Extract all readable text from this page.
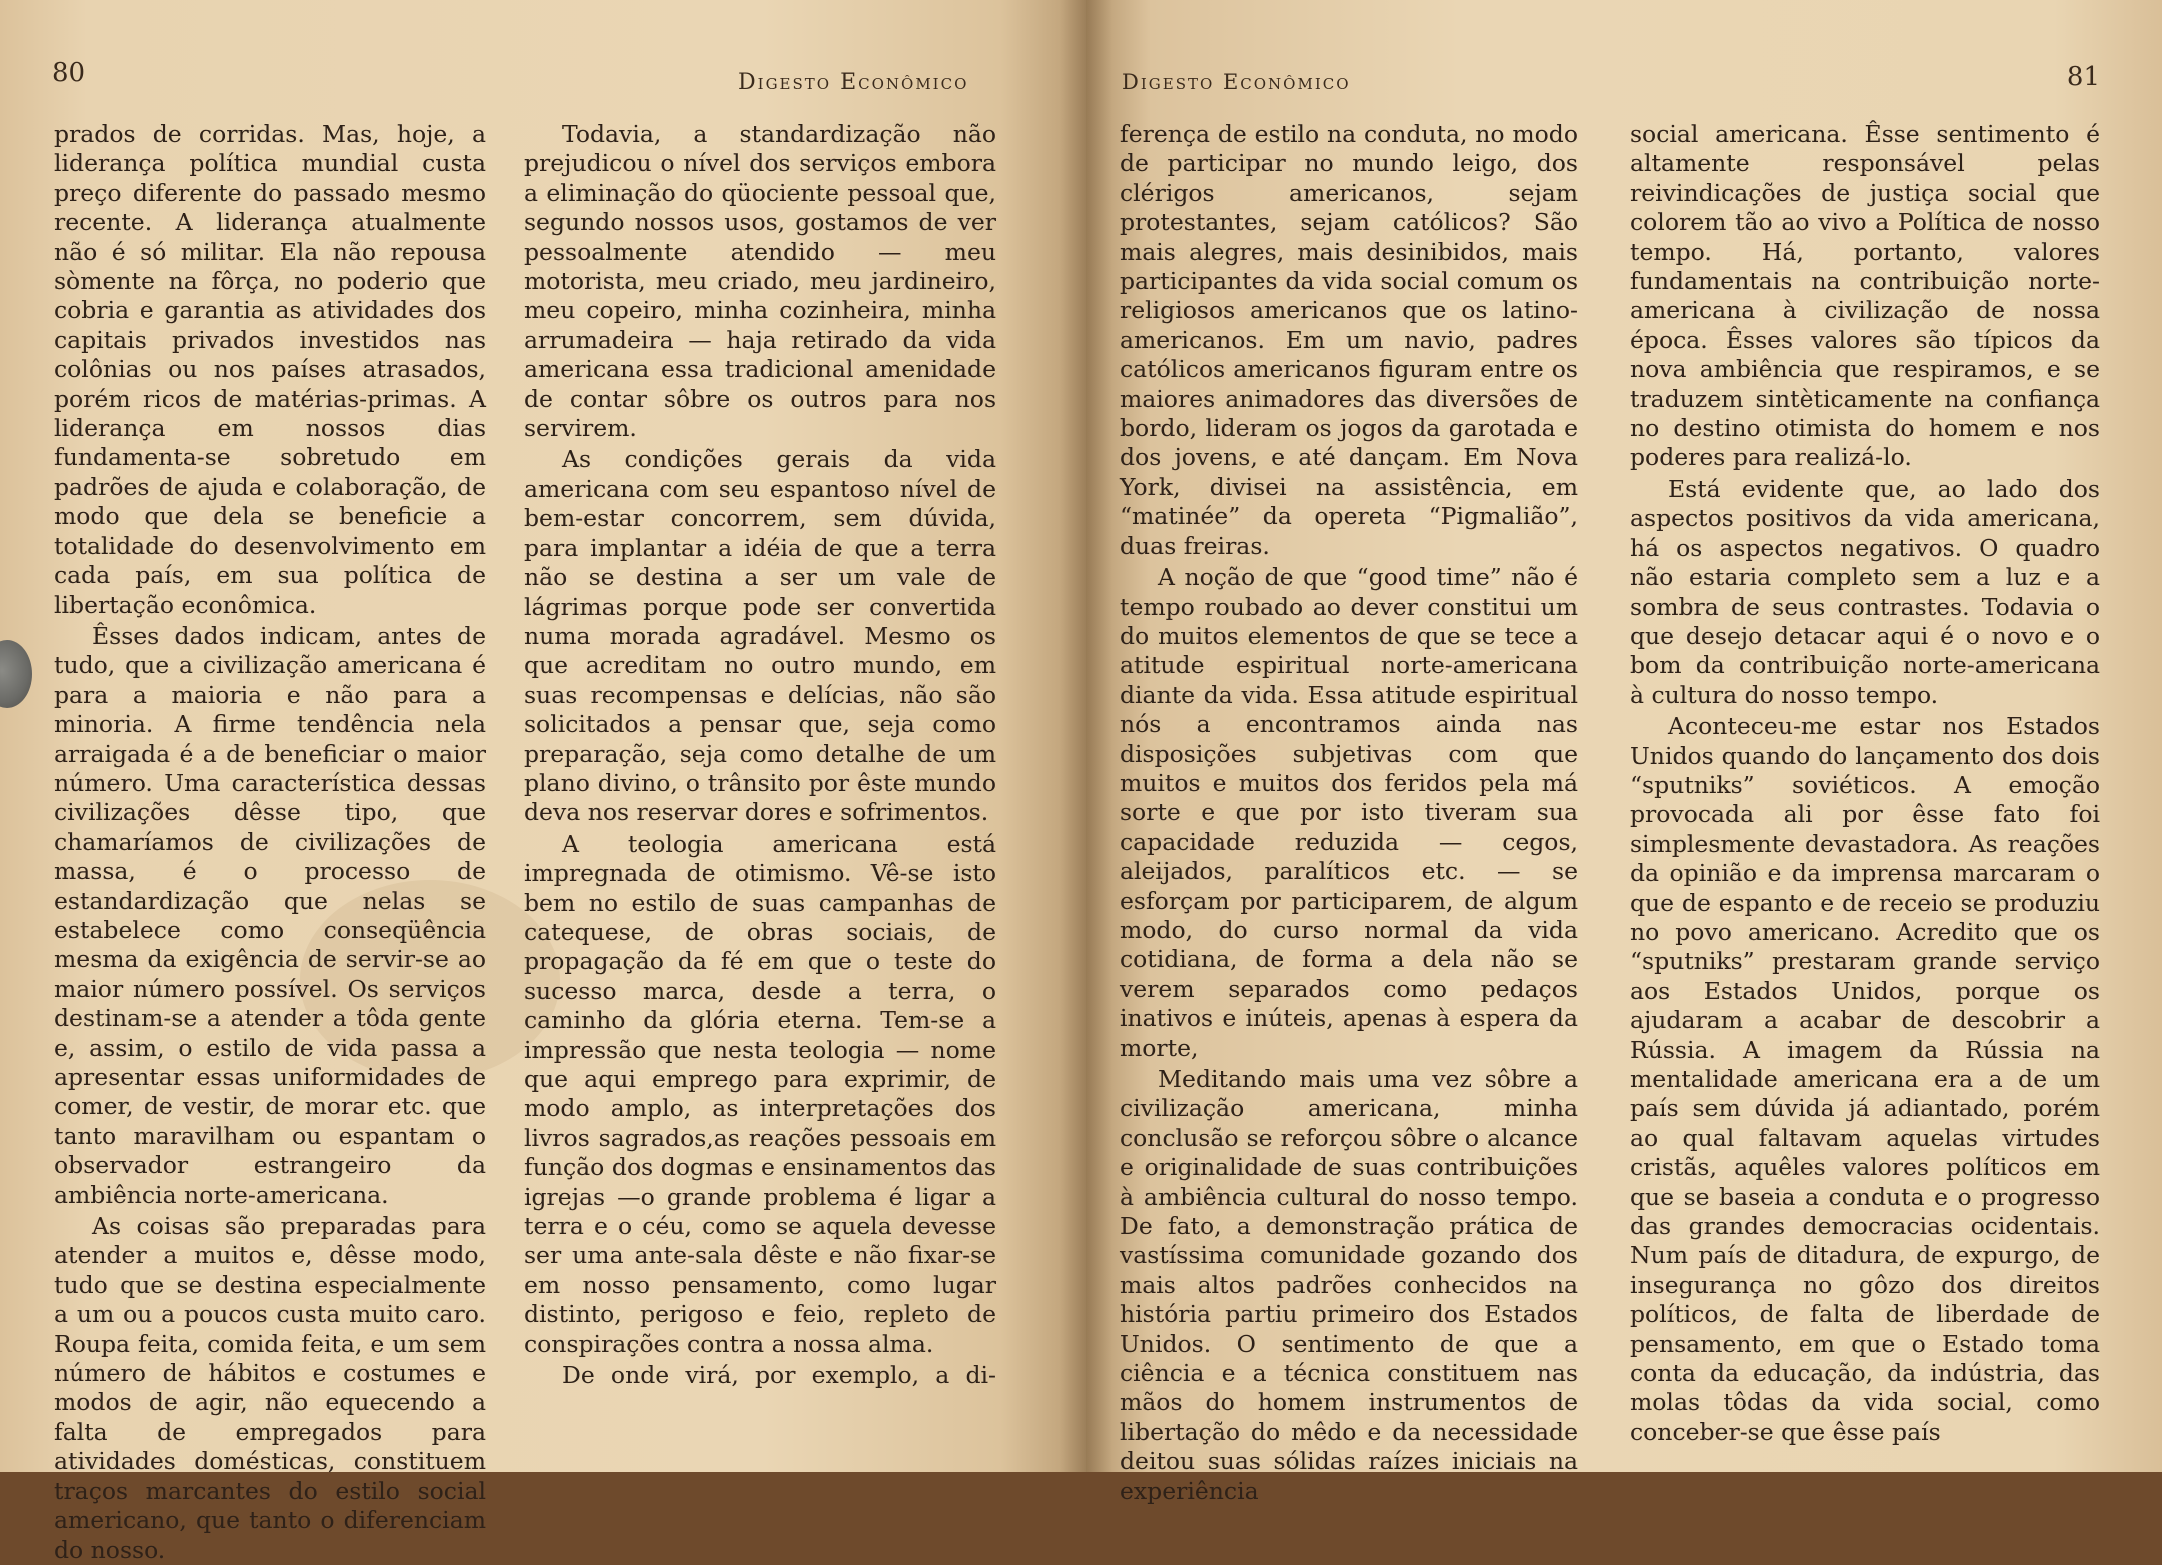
80	Digesto Econômico

prados de corridas. Mas, hoje, a liderança política mundial custa preço diferente do passado mesmo recente. A liderança atualmente não é só militar. Ela não repousa sòmente na fôrça, no poderio que cobria e garantia as atividades dos capitais privados investidos nas colônias ou nos países atrasados, porém ricos de matérias-primas. A liderança em nossos dias fundamenta-se sobretudo em padrões de ajuda e colaboração, de modo que dela se beneficie a totalidade do desenvolvimento em cada país, em sua política de libertação econômica.

Êsses dados indicam, antes de tudo, que a civilização americana é para a maioria e não para a minoria. A firme tendência nela arraigada é a de beneficiar o maior número. Uma característica dessas civilizações dêsse tipo, que chamaríamos de civilizações de massa, é o processo de estandardização que nelas se estabelece como conseqüência mesma da exigência de servir-se ao maior número possível. Os serviços destinam-se a atender a tôda gente e, assim, o estilo de vida passa a apresentar essas uniformidades de comer, de vestir, de morar etc. que tanto maravilham ou espantam o observador estrangeiro da ambiência norte-americana.

As coisas são preparadas para atender a muitos e, dêsse modo, tudo que se destina especialmente a um ou a poucos custa muito caro. Roupa feita, comida feita, e um sem número de hábitos e costumes e modos de agir, não equecendo a falta de empregados para atividades domésticas, constituem traços marcantes do estilo social americano, que tanto o diferenciam do nosso.

Todavia, a standardização não prejudicou o nível dos serviços embora a eliminação do qüociente pessoal que, segundo nossos usos, gostamos de ver pessoalmente atendido — meu motorista, meu criado, meu jardineiro, meu copeiro, minha cozinheira, minha arrumadeira — haja retirado da vida americana essa tradicional amenidade de contar sôbre os outros para nos servirem.

As condições gerais da vida americana com seu espantoso nível de bem-estar concorrem, sem dúvida, para implantar a idéia de que a terra não se destina a ser um vale de lágrimas porque pode ser convertida numa morada agradável. Mesmo os que acreditam no outro mundo, em suas recompensas e delícias, não são solicitados a pensar que, seja como preparação, seja como detalhe de um plano divino, o trânsito por êste mundo deva nos reservar dores e sofrimentos.

A teologia americana está impregnada de otimismo. Vê-se isto bem no estilo de suas campanhas de catequese, de obras sociais, de propagação da fé em que o teste do sucesso marca, desde a terra, o caminho da glória eterna. Tem-se a impressão que nesta teologia — nome que aqui emprego para exprimir, de modo amplo, as interpretações dos livros sagrados,as reações pessoais em função dos dogmas e ensinamentos das igrejas —o grande problema é ligar a terra e o céu, como se aquela devesse ser uma ante-sala dêste e não fixar-se em nosso pensamento, como lugar distinto, perigoso e feio, repleto de conspirações contra a nossa alma.

De onde virá, por exemplo, a di-

Digesto Econômico	81

ferença de estilo na conduta, no modo de participar no mundo leigo, dos clérigos americanos, sejam protestantes, sejam católicos? São mais alegres, mais desinibidos, mais participantes da vida social comum os religiosos americanos que os latino-americanos. Em um navio, padres católicos americanos figuram entre os maiores animadores das diversões de bordo, lideram os jogos da garotada e dos jovens, e até dançam. Em Nova York, divisei na assistência, em “matinée” da opereta “Pigmalião”, duas freiras.

A noção de que “good time” não é tempo roubado ao dever constitui um do muitos elementos de que se tece a atitude espiritual norte-americana diante da vida. Essa atitude espiritual nós a encontramos ainda nas disposições subjetivas com que muitos e muitos dos feridos pela má sorte e que por isto tiveram sua capacidade reduzida — cegos, aleijados, paralíticos etc. — se esforçam por participarem, de algum modo, do curso normal da vida cotidiana, de forma a dela não se verem separados como pedaços inativos e inúteis, apenas à espera da morte,

Meditando mais uma vez sôbre a civilização americana, minha conclusão se reforçou sôbre o alcance e originalidade de suas contribuições à ambiência cultural do nosso tempo. De fato, a demonstração prática de vastíssima comunidade gozando dos mais altos padrões conhecidos na história partiu primeiro dos Estados Unidos. O sentimento de que a ciência e a técnica constituem nas mãos do homem instrumentos de libertação do mêdo e da necessidade deitou suas sólidas raízes iniciais na experiência

social americana. Êsse sentimento é altamente responsável pelas reivindicações de justiça social que colorem tão ao vivo a Política de nosso tempo. Há, portanto, valores fundamentais na contribuição norte-americana à civilização de nossa época. Êsses valores são típicos da nova ambiência que respiramos, e se traduzem sintèticamente na confiança no destino otimista do homem e nos poderes para realizá-lo.

Está evidente que, ao lado dos aspectos positivos da vida americana, há os aspectos negativos. O quadro não estaria completo sem a luz e a sombra de seus contrastes. Todavia o que desejo detacar aqui é o novo e o bom da contribuição norte-americana à cultura do nosso tempo.

Aconteceu-me estar nos Estados Unidos quando do lançamento dos dois “sputniks” soviéticos. A emoção provocada ali por êsse fato foi simplesmente devastadora. As reações da opinião e da imprensa marcaram o que de espanto e de receio se produziu no povo americano. Acredito que os “sputniks” prestaram grande serviço aos Estados Unidos, porque os ajudaram a acabar de descobrir a Rússia. A imagem da Rússia na mentalidade americana era a de um país sem dúvida já adiantado, porém ao qual faltavam aquelas virtudes cristãs, aquêles valores políticos em que se baseia a conduta e o progresso das grandes democracias ocidentais. Num país de ditadura, de expurgo, de insegurança no gôzo dos direitos políticos, de falta de liberdade de pensamento, em que o Estado toma conta da educação, da indústria, das molas tôdas da vida social, como conceber-se que êsse país
